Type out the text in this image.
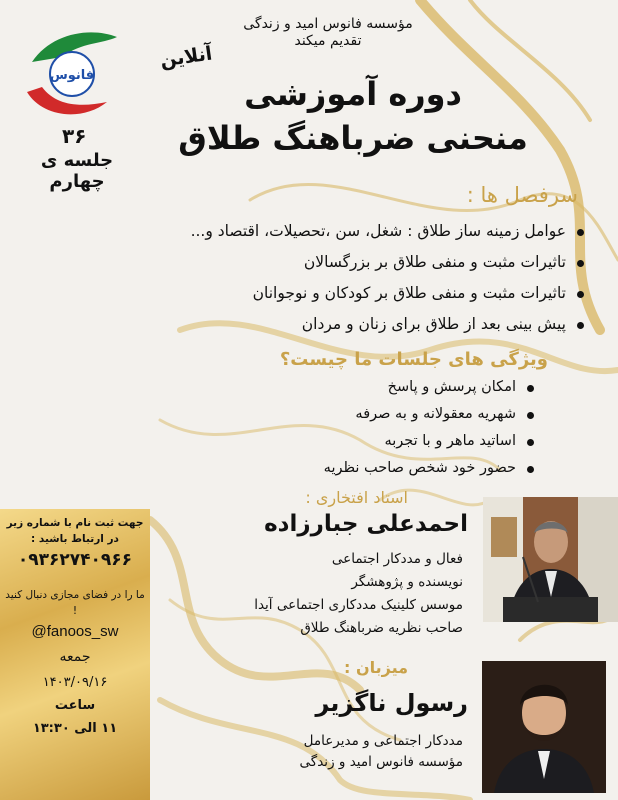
فانوس
مؤسسه فانوس امید و زندگی
تقدیم میکند
آنلاین
دوره آموزشی
منحنی ضرباهنگ طلاق
۳۶
جلسه ی چهارم
سرفصل ها :
عوامل زمینه ساز طلاق : شغل، سن ،تحصیلات، اقتصاد و...
تاثیرات مثبت و منفی طلاق بر بزرگسالان
تاثیرات مثبت و منفی طلاق بر کودکان و نوجوانان
پیش بینی بعد از طلاق برای زنان و مردان
ویژگی های جلسات ما چیست؟
امکان پرسش و پاسخ
شهریه معقولانه و به صرفه
اساتید ماهر و با تجربه
حضور خود شخص صاحب نظریه
استاد افتخاری :
احمدعلی جبارزاده
فعال و مددکار اجتماعی
نویسنده و پژوهشگر
موسس کلینیک مددکاری اجتماعی آیدا
صاحب نظریه ضرباهنگ طلاق
میزبان :
رسول ناگزیر
مددکار اجتماعی و مدیرعامل
مؤسسه فانوس امید و زندگی
جهت ثبت نام با شماره زیر در ارتباط باشید :
۰۹۳۶۲۷۴۰۹۶۶
ما را در فضای مجازی دنبال کنید !
@fanoos_sw
جمعه
۱۴۰۳/۰۹/۱۶
ساعت
۱۱ الی ۱۳:۳۰
